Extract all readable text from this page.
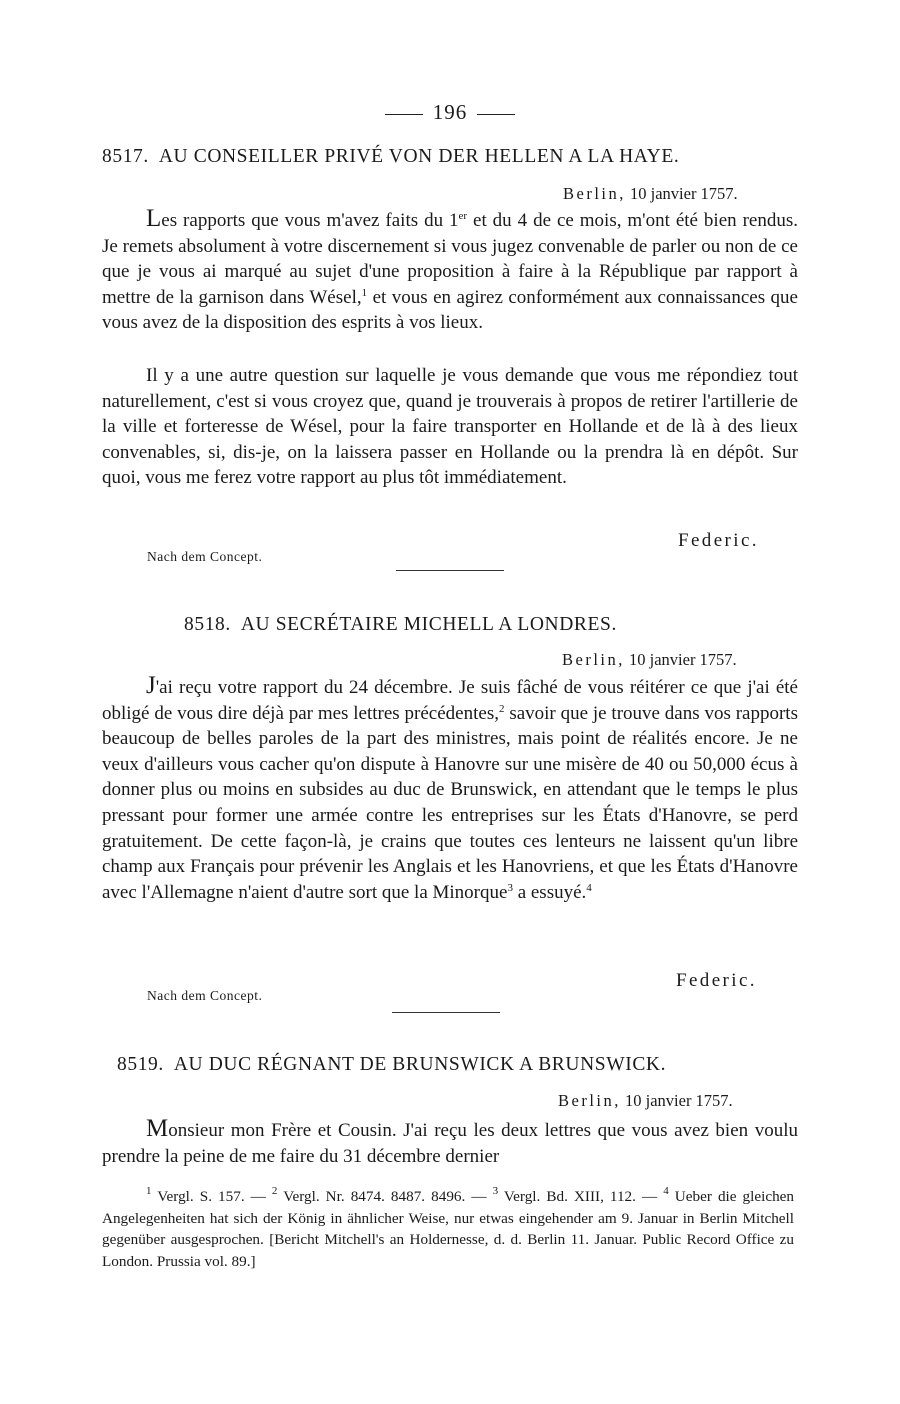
196
8517. AU CONSEILLER PRIVÉ VON DER HELLEN A LA HAYE.
Berlin, 10 janvier 1757.

Les rapports que vous m'avez faits du 1er et du 4 de ce mois, m'ont été bien rendus. Je remets absolument à votre discernement si vous jugez convenable de parler ou non de ce que je vous ai marqué au sujet d'une proposition à faire à la République par rapport à mettre de la garnison dans Wésel,$^1$ et vous en agirez conformément aux connaissances que vous avez de la disposition des esprits à vos lieux.

Il y a une autre question sur laquelle je vous demande que vous me répondiez tout naturellement, c'est si vous croyez que, quand je trouverais à propos de retirer l'artillerie de la ville et forteresse de Wésel, pour la faire transporter en Hollande et de là à des lieux convenables, si, dis-je, on la laissera passer en Hollande ou la prendra là en dépôt. Sur quoi, vous me ferez votre rapport au plus tôt immédiatement.

Federic.
Nach dem Concept.
8518. AU SECRÉTAIRE MICHELL A LONDRES.
Berlin, 10 janvier 1757.

J'ai reçu votre rapport du 24 décembre. Je suis fâché de vous réitérer ce que j'ai été obligé de vous dire déjà par mes lettres précédentes,$^2$ savoir que je trouve dans vos rapports beaucoup de belles paroles de la part des ministres, mais point de réalités encore. Je ne veux d'ailleurs vous cacher qu'on dispute à Hanovre sur une misère de 40 ou 50,000 écus à donner plus ou moins en subsides au duc de Brunswick, en attendant que le temps le plus pressant pour former une armée contre les entreprises sur les États d'Hanovre, se perd gratuitement. De cette façon-là, je crains que toutes ces lenteurs ne laissent qu'un libre champ aux Français pour prévenir les Anglais et les Hanovriens, et que les États d'Hanovre avec l'Allemagne n'aient d'autre sort que la Minorque$^3$ a essuyé.$^4$

Federic.
Nach dem Concept.
8519. AU DUC RÉGNANT DE BRUNSWICK A BRUNSWICK.
Berlin, 10 janvier 1757.

Monsieur mon Frère et Cousin. J'ai reçu les deux lettres que vous avez bien voulu prendre la peine de me faire du 31 décembre dernier

$^1$ Vergl. S. 157. — $^2$ Vergl. Nr. 8474. 8487. 8496. — $^3$ Vergl. Bd. XIII, 112. — $^4$ Ueber die gleichen Angelegenheiten hat sich der König in ähnlicher Weise, nur etwas eingehender am 9. Januar in Berlin Mitchell gegenüber ausgesprochen. [Bericht Mitchell's an Holdernesse, d. d. Berlin 11. Januar. Public Record Office zu London. Prussia vol. 89.]
